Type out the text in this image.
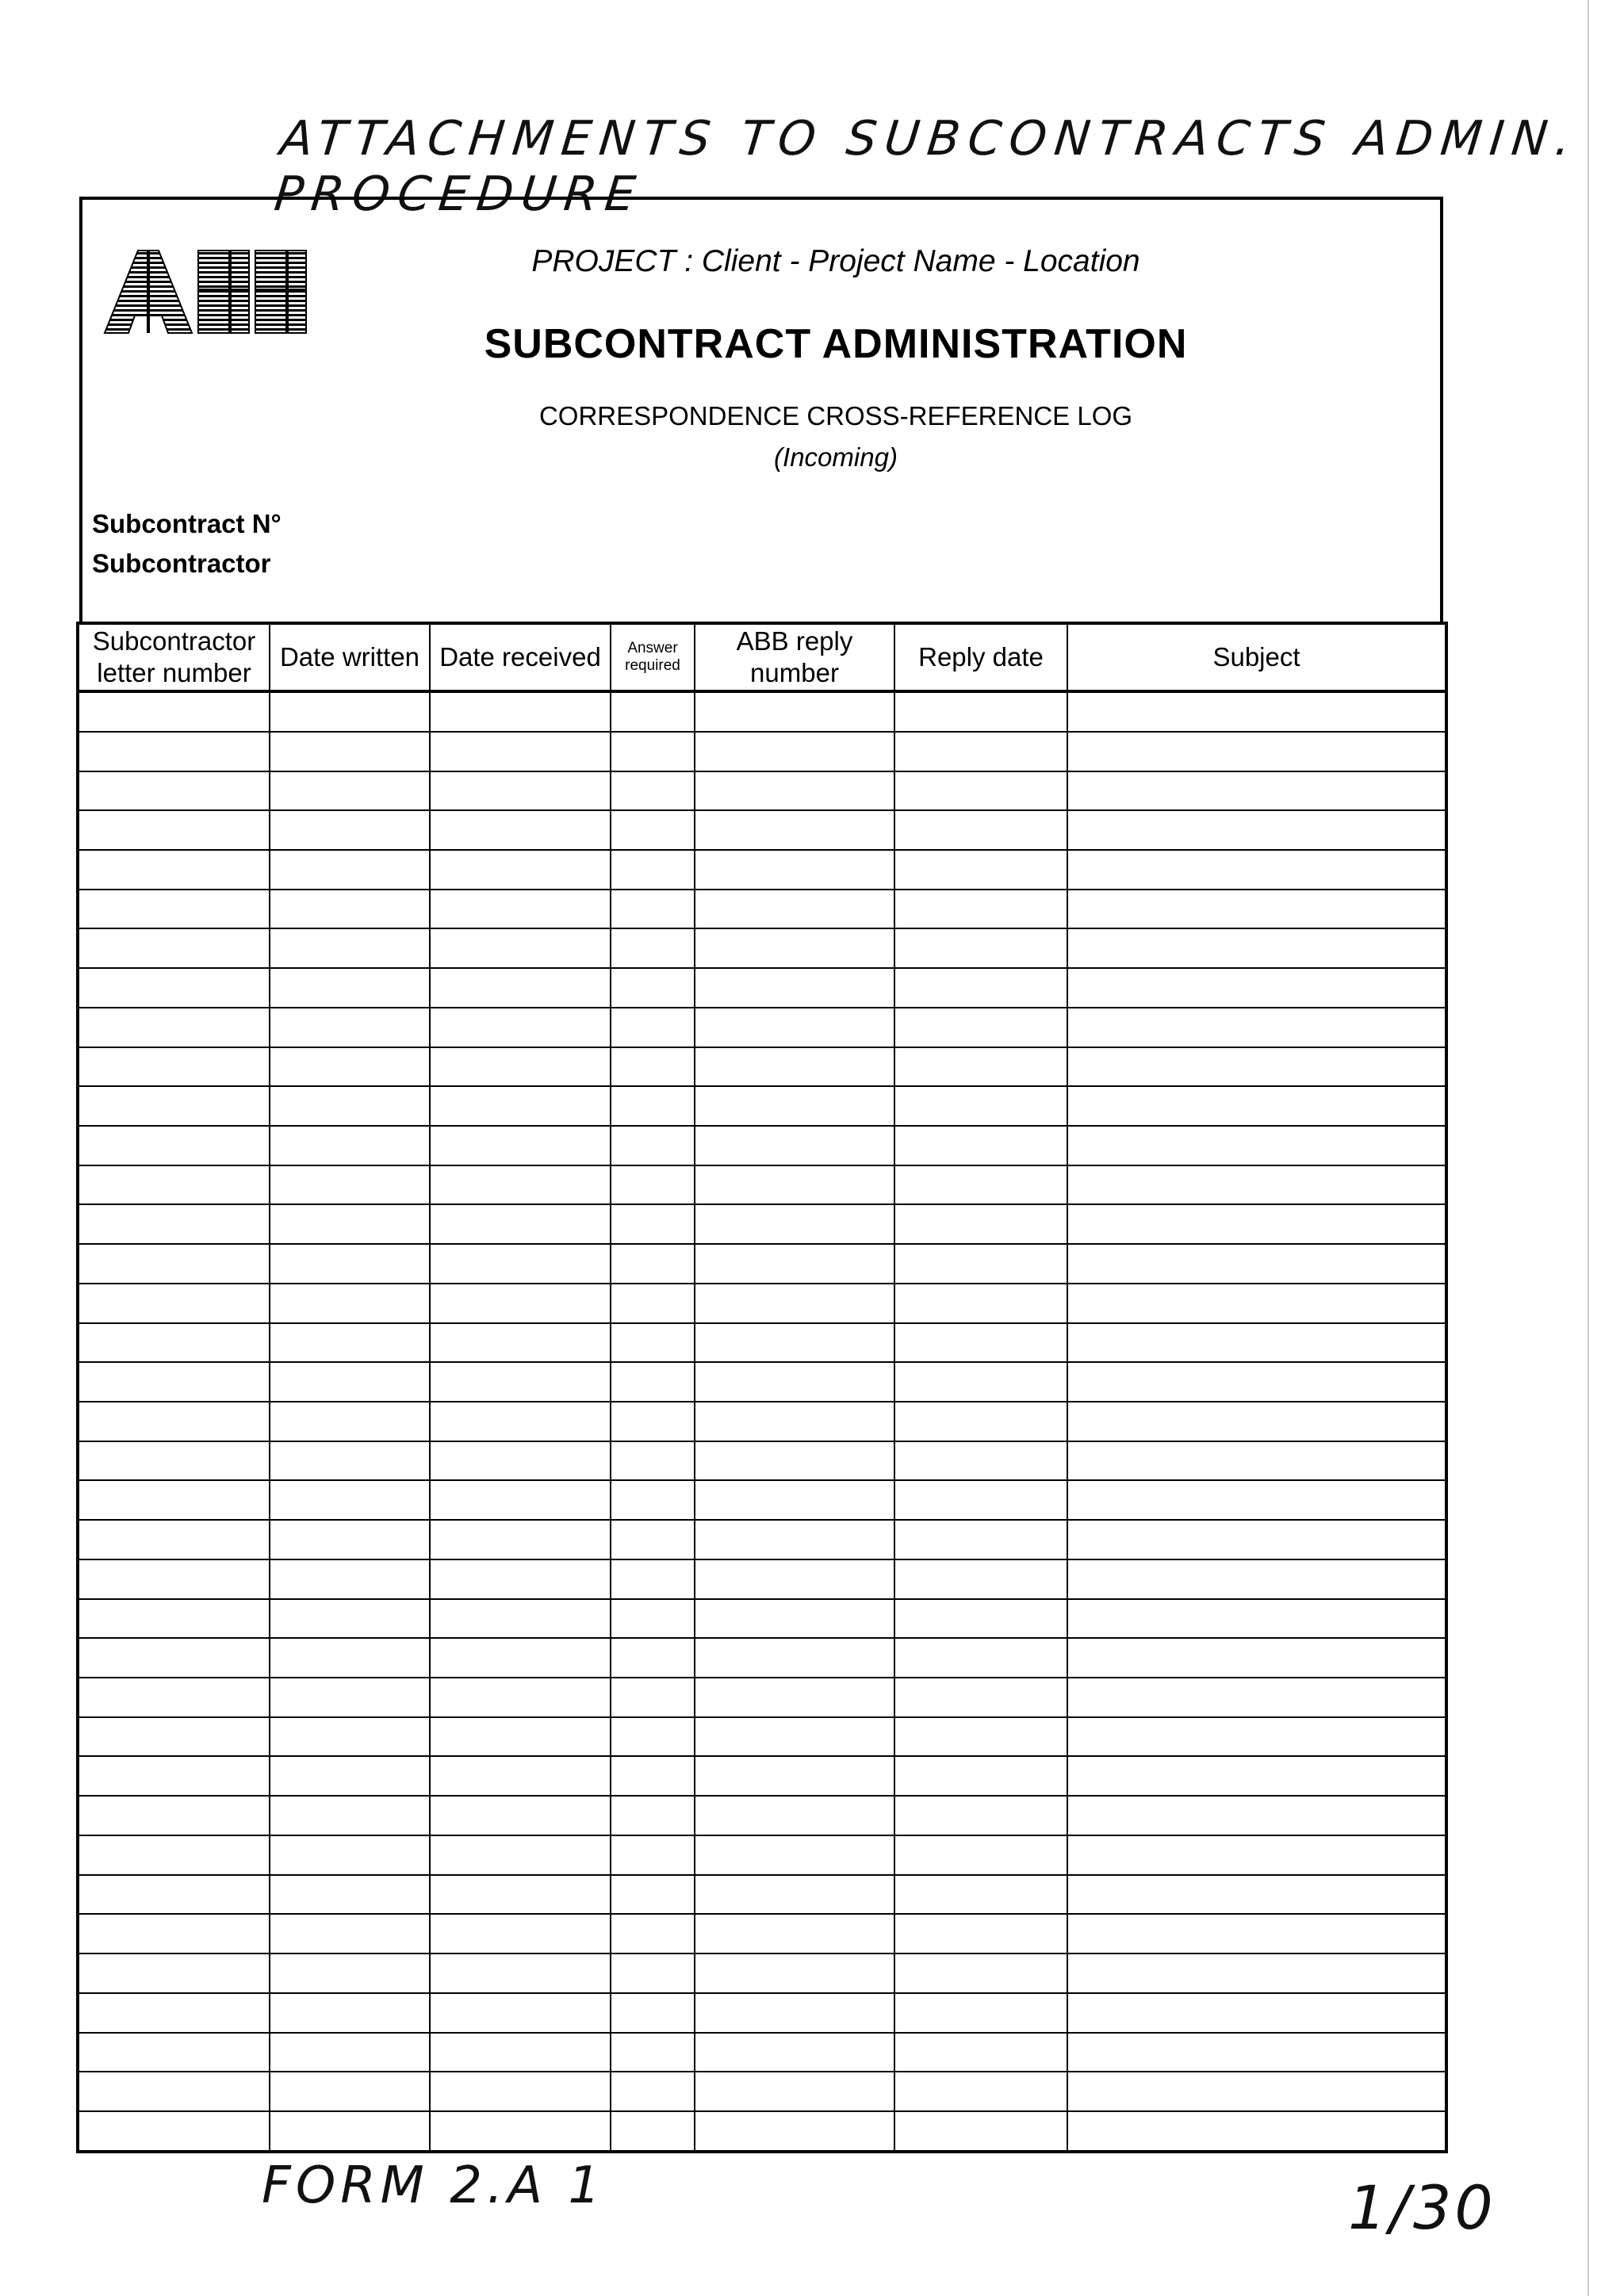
ATTACHMENTS TO SUBCONTRACTS ADMIN. PROCEDURE
PROJECT : Client - Project Name - Location
SUBCONTRACT ADMINISTRATION
CORRESPONDENCE CROSS-REFERENCE LOG
(Incoming)
Subcontract N°
Subcontractor
Subcontractor letter number	Date written	Date received	Answer required	ABB reply number	Reply date	Subject

FORM 2.A 1	1/30
